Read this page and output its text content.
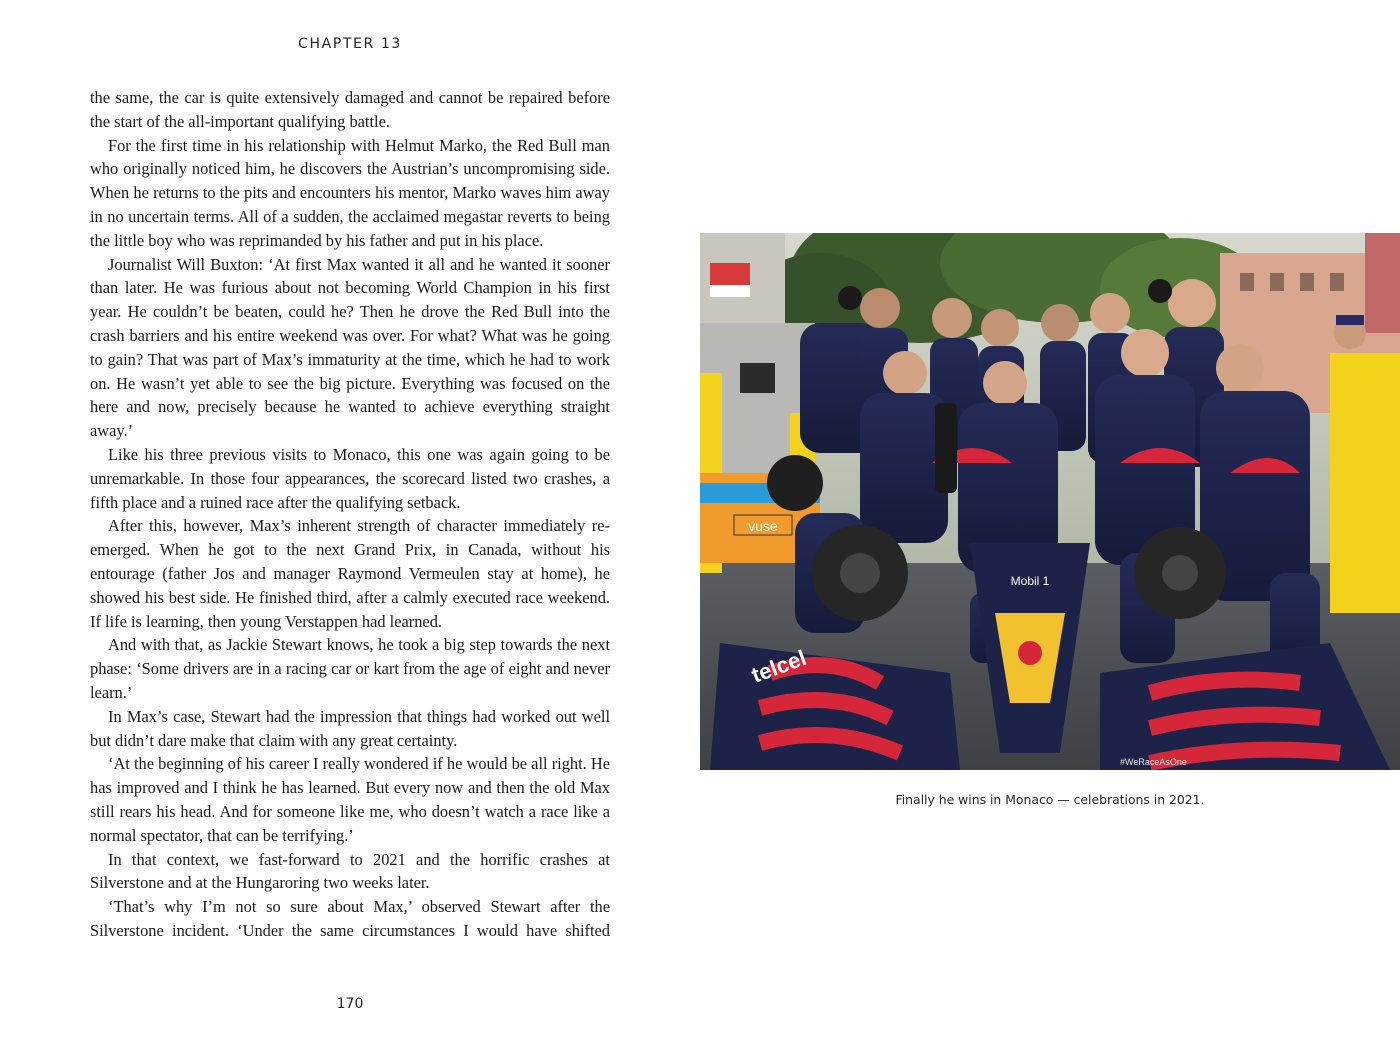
CHAPTER 13

the same, the car is quite extensively damaged and cannot be repaired before the start of the all-important qualifying battle.

For the first time in his relationship with Helmut Marko, the Red Bull man who originally noticed him, he discovers the Austrian’s uncompromising side. When he returns to the pits and encounters his mentor, Marko waves him away in no uncertain terms. All of a sudden, the acclaimed megastar reverts to being the little boy who was reprimanded by his father and put in his place.

Journalist Will Buxton: ‘At first Max wanted it all and he wanted it sooner than later. He was furious about not becoming World Champion in his first year. He couldn’t be beaten, could he? Then he drove the Red Bull into the crash barriers and his entire weekend was over. For what? What was he going to gain? That was part of Max’s immaturity at the time, which he had to work on. He wasn’t yet able to see the big picture. Everything was focused on the here and now, precisely because he wanted to achieve everything straight away.’

Like his three previous visits to Monaco, this one was again going to be unremarkable. In those four appearances, the scorecard listed two crashes, a fifth place and a ruined race after the qualifying setback.

After this, however, Max’s inherent strength of character immediately re-emerged. When he got to the next Grand Prix, in Canada, without his entourage (father Jos and manager Raymond Vermeulen stay at home), he showed his best side. He finished third, after a calmly executed race weekend. If life is learning, then young Verstappen had learned.

And with that, as Jackie Stewart knows, he took a big step towards the next phase: ‘Some drivers are in a racing car or kart from the age of eight and never learn.’

In Max’s case, Stewart had the impression that things had worked out well but didn’t dare make that claim with any great certainty.

‘At the beginning of his career I really wondered if he would be all right. He has improved and I think he has learned. But every now and then the old Max still rears his head. And for someone like me, who doesn’t watch a race like a normal spectator, that can be terrifying.’

In that context, we fast-forward to 2021 and the horrific crashes at Silverstone and at the Hungaroring two weeks later.

‘That’s why I’m not so sure about Max,’ observed Stewart after the Silverstone incident. ‘Under the same circumstances I would have shifted

170
vuse
Mobil 1
telcel
#WeRaceAsOne
Finally he wins in Monaco — celebrations in 2021.
